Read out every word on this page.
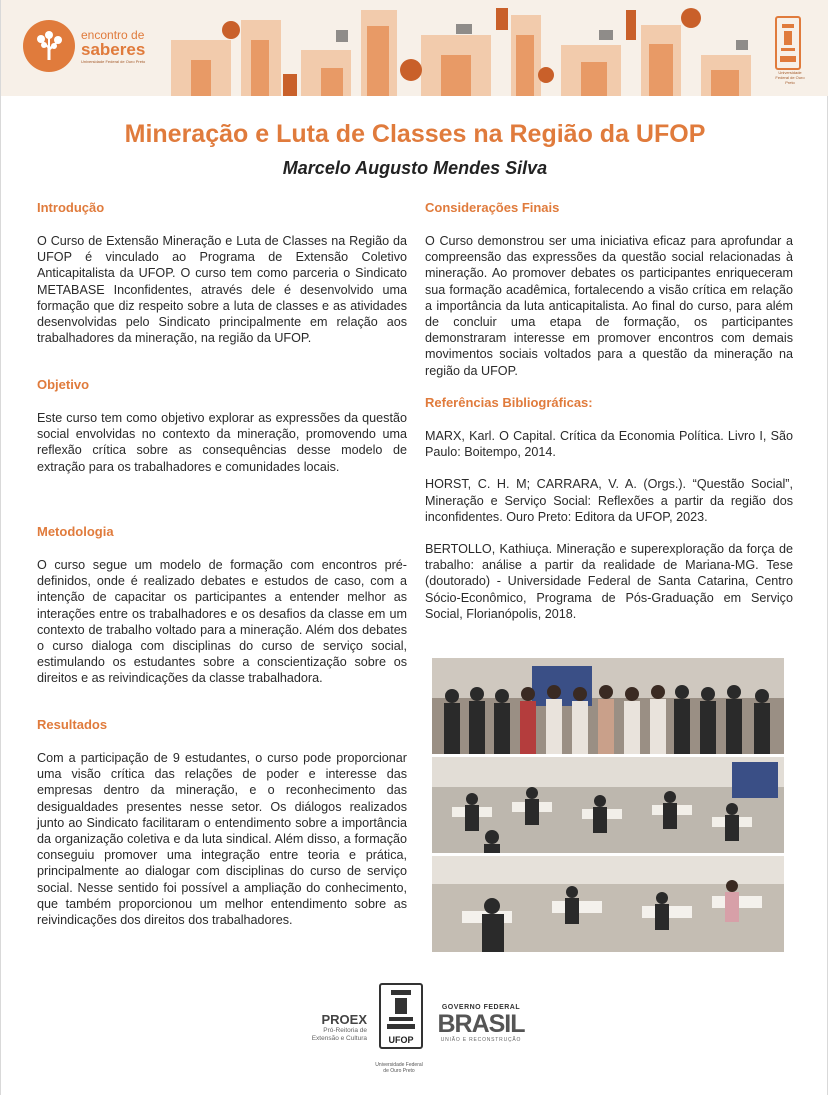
encontro de
saberes
Universidade Federal de Ouro Preto
Universidade Federal de Ouro Preto
Mineração e Luta de Classes na Região da UFOP
Marcelo Augusto Mendes Silva
Introdução

O Curso de Extensão Mineração e Luta de Classes na Região da UFOP é vinculado ao Programa de Extensão Coletivo Anticapitalista da UFOP. O curso tem como parceria o Sindicato METABASE Inconfidentes, através dele é desenvolvido uma formação que diz respeito sobre a luta de classes e as atividades desenvolvidas pelo Sindicato principalmente em relação aos trabalhadores da mineração, na região da UFOP.

Objetivo

Este curso tem como objetivo explorar as expressões da questão social envolvidas no contexto da mineração, promovendo uma reflexão crítica sobre as consequências desse modelo de extração para os trabalhadores e comunidades locais.

Metodologia

O curso segue um modelo de formação com encontros pré-definidos, onde é realizado debates e estudos de caso, com a intenção de capacitar os participantes a entender melhor as interações entre os trabalhadores e os desafios da classe em um contexto de trabalho voltado para a mineração. Além dos debates o curso dialoga com disciplinas do curso de serviço social, estimulando os estudantes sobre a conscientização sobre os direitos e as reivindicações da classe trabalhadora.

Resultados

Com a participação de 9 estudantes, o curso pode proporcionar uma visão crítica das relações de poder e interesse das empresas dentro da mineração, e o reconhecimento das desigualdades presentes nesse setor. Os diálogos realizados junto ao Sindicato facilitaram o entendimento sobre a importância da organização coletiva e da luta sindical. Além disso, a formação conseguiu promover uma integração entre teoria e prática, principalmente ao dialogar com disciplinas do curso de serviço social. Nesse sentido foi possível a ampliação do conhecimento, que também proporcionou um melhor entendimento sobre as reivindicações dos direitos dos trabalhadores.

Considerações Finais

O Curso demonstrou ser uma iniciativa eficaz para aprofundar a compreensão das expressões da questão social relacionadas à mineração. Ao promover debates os participantes enriqueceram sua formação acadêmica, fortalecendo a visão crítica em relação a importância da luta anticapitalista. Ao final do curso, para além de concluir uma etapa de formação, os participantes demonstraram interesse em promover encontros com demais movimentos sociais voltados para a questão da mineração na região da UFOP.

Referências Bibliográficas:

MARX, Karl. O Capital. Crítica da Economia Política. Livro I, São Paulo: Boitempo, 2014.

HORST, C. H. M; CARRARA, V. A. (Orgs.). “Questão Social”, Mineração e Serviço Social: Reflexões a partir da região dos inconfidentes. Ouro Preto: Editora da UFOP, 2023.

BERTOLLO, Kathiuça. Mineração e superexploração da força de trabalho: análise a partir da realidade de Mariana-MG. Tese (doutorado) - Universidade Federal de Santa Catarina, Centro Sócio-Econômico, Programa de Pós-Graduação em Serviço Social, Florianópolis, 2018.

PROEX
Pró-Reitoria de
Extensão e Cultura	UFOP
Universidade Federal
de Ouro Preto
GOVERNO FEDERAL
BRASIL
UNIÃO E RECONSTRUÇÃO
